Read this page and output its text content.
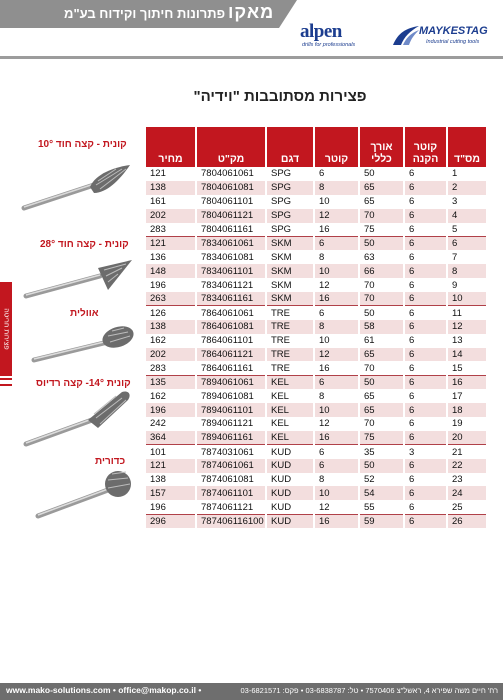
פתרונות חיתוך וקידוח בע"מ מאקו
alpen
drills for professionals
MAYKESTAG
Industrial cutting tools
פצירות חריטה
פצירות מסתובבות "וידיה"
קונית - קצה חוד 10°
קונית - קצה חוד 28°
אוולית
קונית 14°- קצה רדיוס
כדורית
מחיר	מק"ט	דגם	קוטר	אורך כללי	קוטר הקנה	מס"ד
121	7804061061	SPG	6	50	6	1
138	7804061081	SPG	8	65	6	2
161	7804061101	SPG	10	65	6	3
202	7804061121	SPG	12	70	6	4
283	7804061161	SPG	16	75	6	5
121	7834061061	SKM	6	50	6	6
136	7834061081	SKM	8	63	6	7
148	7834061101	SKM	10	66	6	8
196	7834061121	SKM	12	70	6	9
263	7834061161	SKM	16	70	6	10
126	7864061061	TRE	6	50	6	11
138	7864061081	TRE	8	58	6	12
162	7864061101	TRE	10	61	6	13
202	7864061121	TRE	12	65	6	14
283	7864061161	TRE	16	70	6	15
135	7894061061	KEL	6	50	6	16
162	7894061081	KEL	8	65	6	17
196	7894061101	KEL	10	65	6	18
242	7894061121	KEL	12	70	6	19
364	7894061161	KEL	16	75	6	20
101	7874031061	KUD	6	35	3	21
121	7874061061	KUD	6	50	6	22
138	7874061081	KUD	8	52	6	23
157	7874061101	KUD	10	54	6	24
196	7874061121	KUD	12	55	6	25
296	787406116100	KUD	16	59	6	26
www.mako-solutions.com • office@makop.co.il •	רח' חיים משה שפירא 4, ראשל"צ 7570406 • טל: 03-6838787 • פקס: 03-6821571
